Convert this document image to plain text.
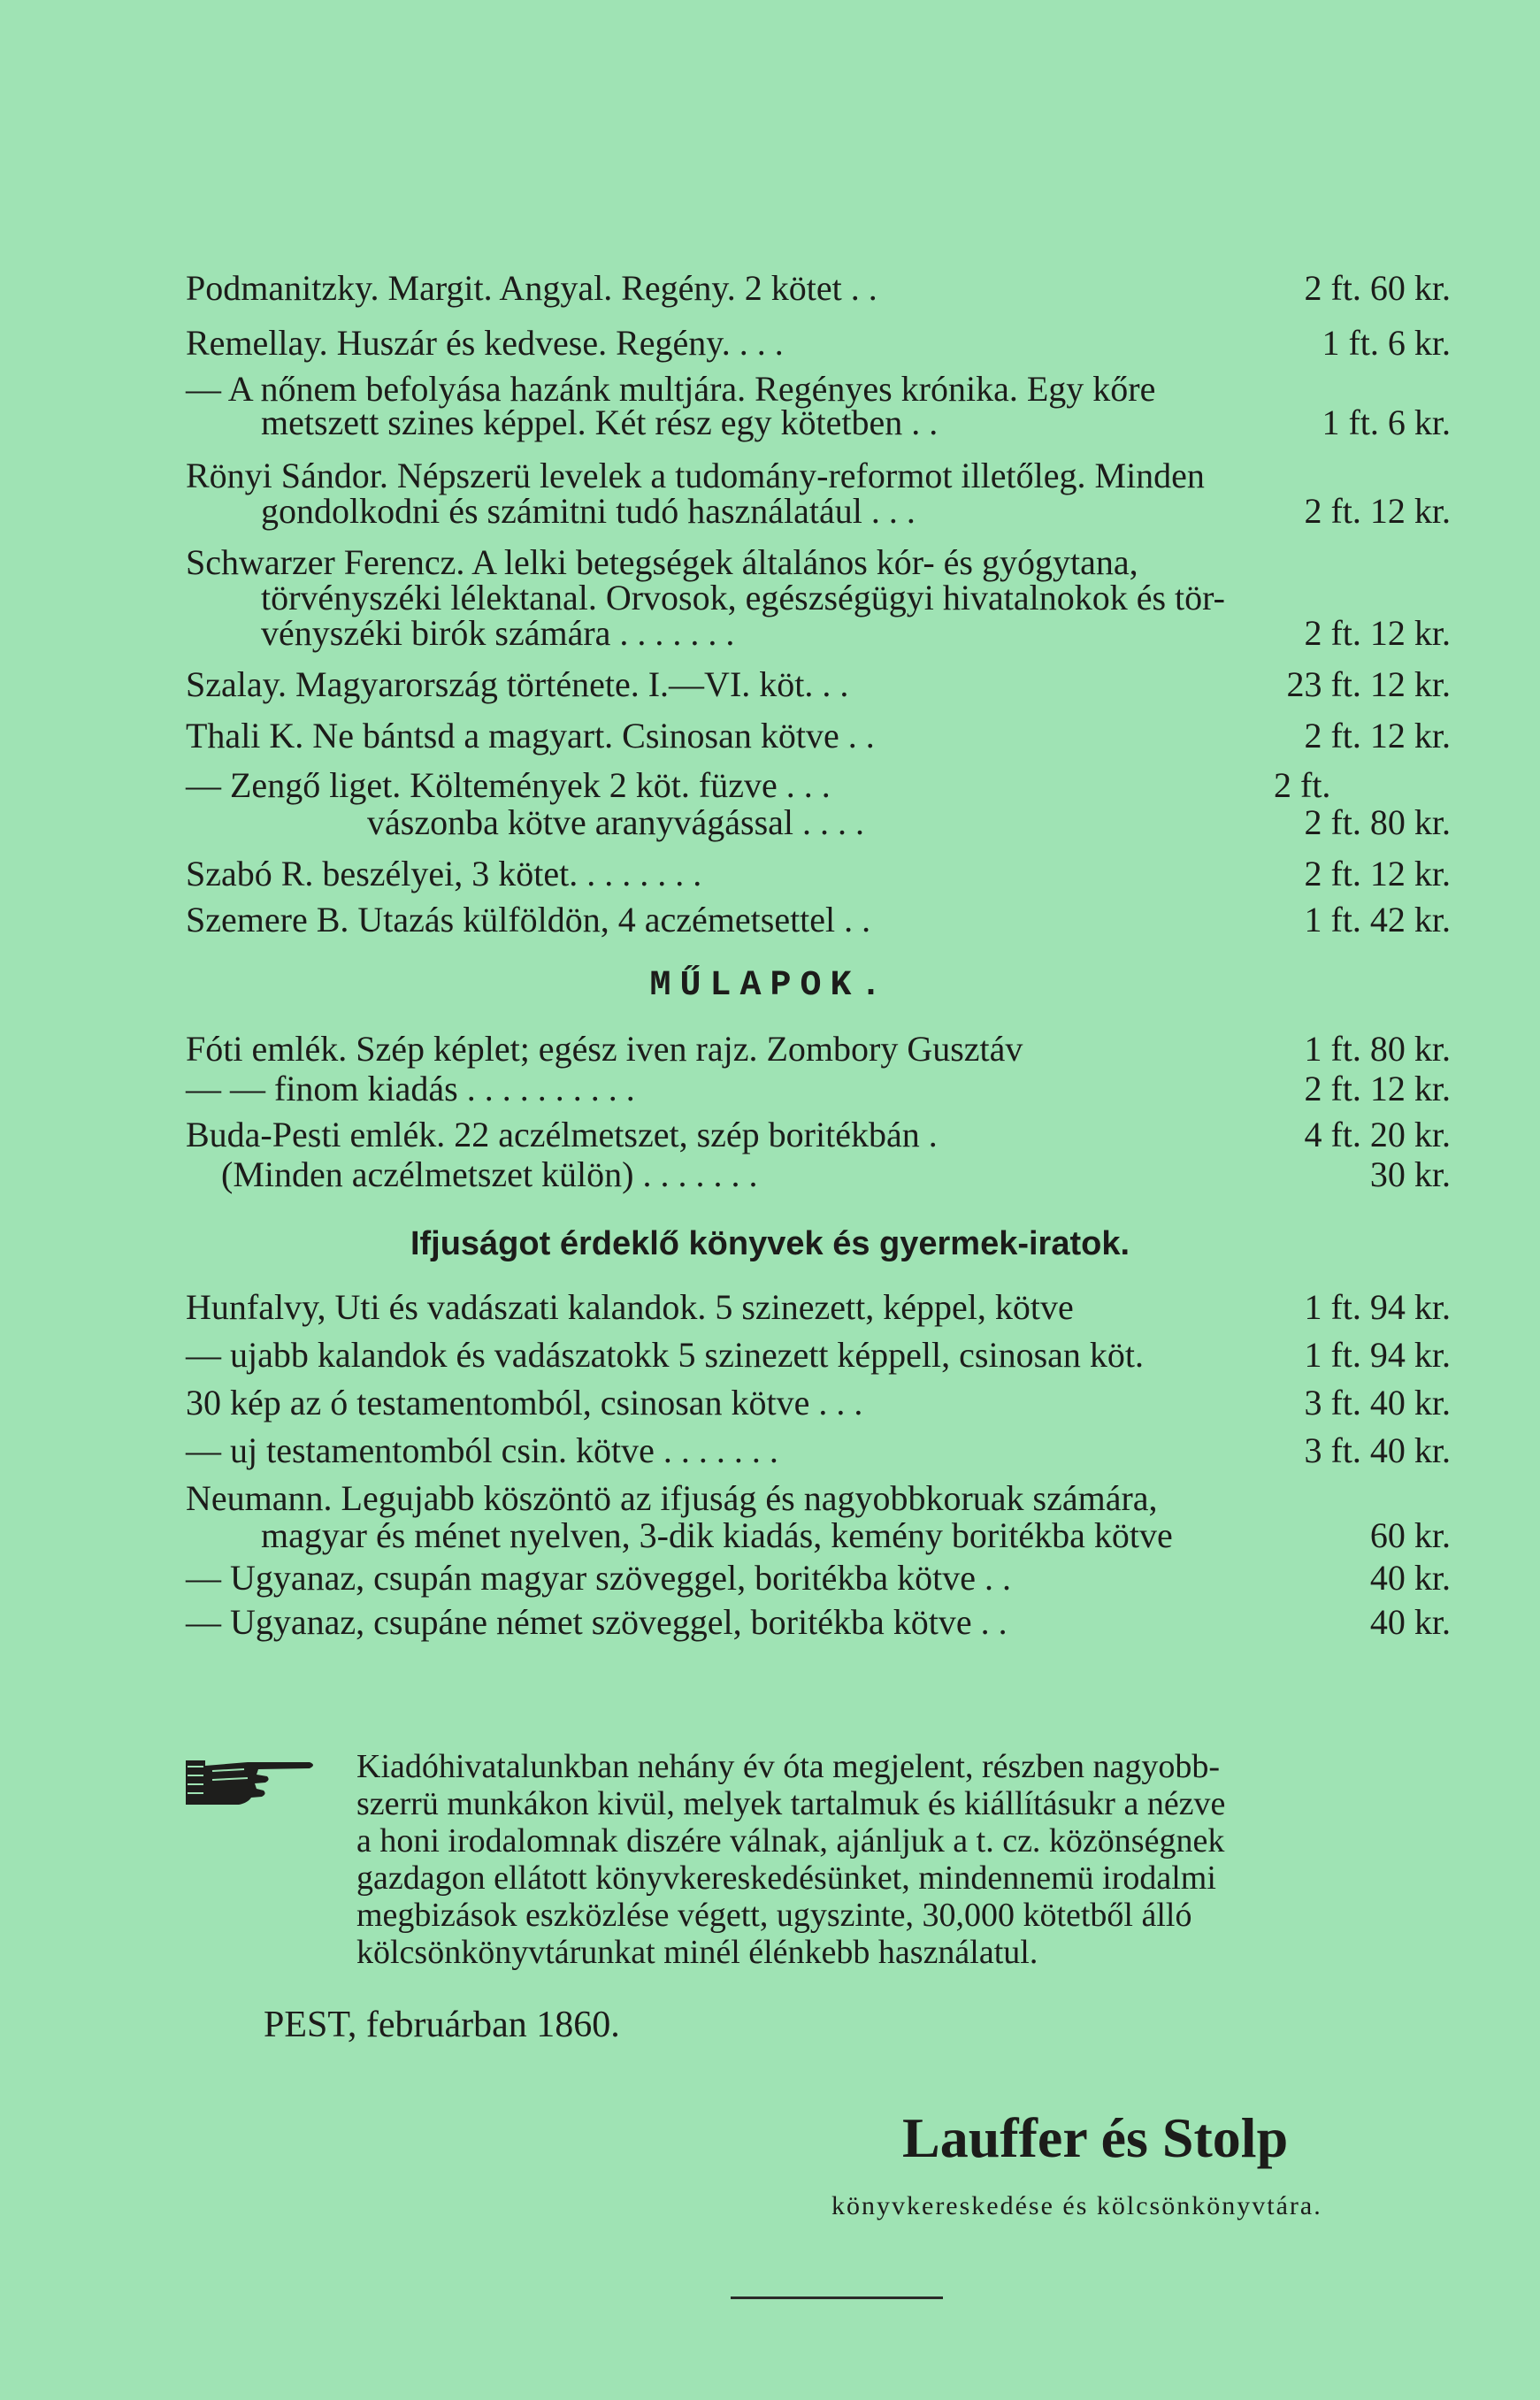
Podmanitzky. Margit. Angyal. Regény. 2 kötet . .	2 ft. 60 kr.
Remellay. Huszár és kedvese. Regény. . . .	1 ft. 6 kr.
— A nőnem befolyása hazánk multjára. Regényes krónika. Egy kőre
metszett szines képpel. Két rész egy kötetben . .	1 ft. 6 kr.
Rönyi Sándor. Népszerü levelek a tudomány-reformot illetőleg. Minden
gondolkodni és számitni tudó használatául . . .	2 ft. 12 kr.
Schwarzer Ferencz. A lelki betegségek általános kór- és gyógytana,
törvényszéki lélektanal. Orvosok, egészségügyi hivatalnokok és tör-
vényszéki birók számára . . . . . . .	2 ft. 12 kr.
Szalay. Magyarország története. I.—VI. köt. . .	23 ft. 12 kr.
Thali K. Ne bántsd a magyart. Csinosan kötve . .	2 ft. 12 kr.
— Zengő liget. Költemények 2 köt. füzve . . .	2 ft.
vászonba kötve aranyvágással . . . .	2 ft. 80 kr.
Szabó R. beszélyei, 3 kötet. . . . . . . .	2 ft. 12 kr.
Szemere B. Utazás külföldön, 4 aczémetsettel . .	1 ft. 42 kr.
MŰLAPOK.
Fóti emlék. Szép képlet; egész iven rajz. Zombory Gusztáv	1 ft. 80 kr.
— — finom kiadás . . . . . . . . . .	2 ft. 12 kr.
Buda-Pesti emlék. 22 aczélmetszet, szép boritékbán .	4 ft. 20 kr.
(Minden aczélmetszet külön) . . . . . . .	30 kr.
Ifjuságot érdeklő könyvek és gyermek-iratok.
Hunfalvy, Uti és vadászati kalandok. 5 szinezett, képpel, kötve	1 ft. 94 kr.
— ujabb kalandok és vadászatokk 5 szinezett képpell, csinosan köt.	1 ft. 94 kr.
30 kép az ó testamentomból, csinosan kötve . . .	3 ft. 40 kr.
— uj testamentomból csin. kötve . . . . . . .	3 ft. 40 kr.
Neumann. Legujabb köszöntö az ifjuság és nagyobbkoruak számára,
magyar és ménet nyelven, 3-dik kiadás, kemény boritékba kötve	60 kr.
— Ugyanaz, csupán magyar szöveggel, boritékba kötve . .	40 kr.
— Ugyanaz, csupáne német szöveggel, boritékba kötve . .	40 kr.
Kiadóhivatalunkban nehány év óta megjelent, részben nagyobb-
szerrü munkákon kivül, melyek tartalmuk és kiállításukr a nézve
a honi irodalomnak diszére válnak, ajánljuk a t. cz. közönségnek
gazdagon ellátott könyvkereskedésünket, mindennemü irodalmi
megbizások eszközlése végett, ugyszinte, 30,000 kötetből álló
kölcsönkönyvtárunkat minél élénkebb használatul.
PEST, februárban 1860.
Lauffer és Stolp
könyvkereskedése és kölcsönkönyvtára.
